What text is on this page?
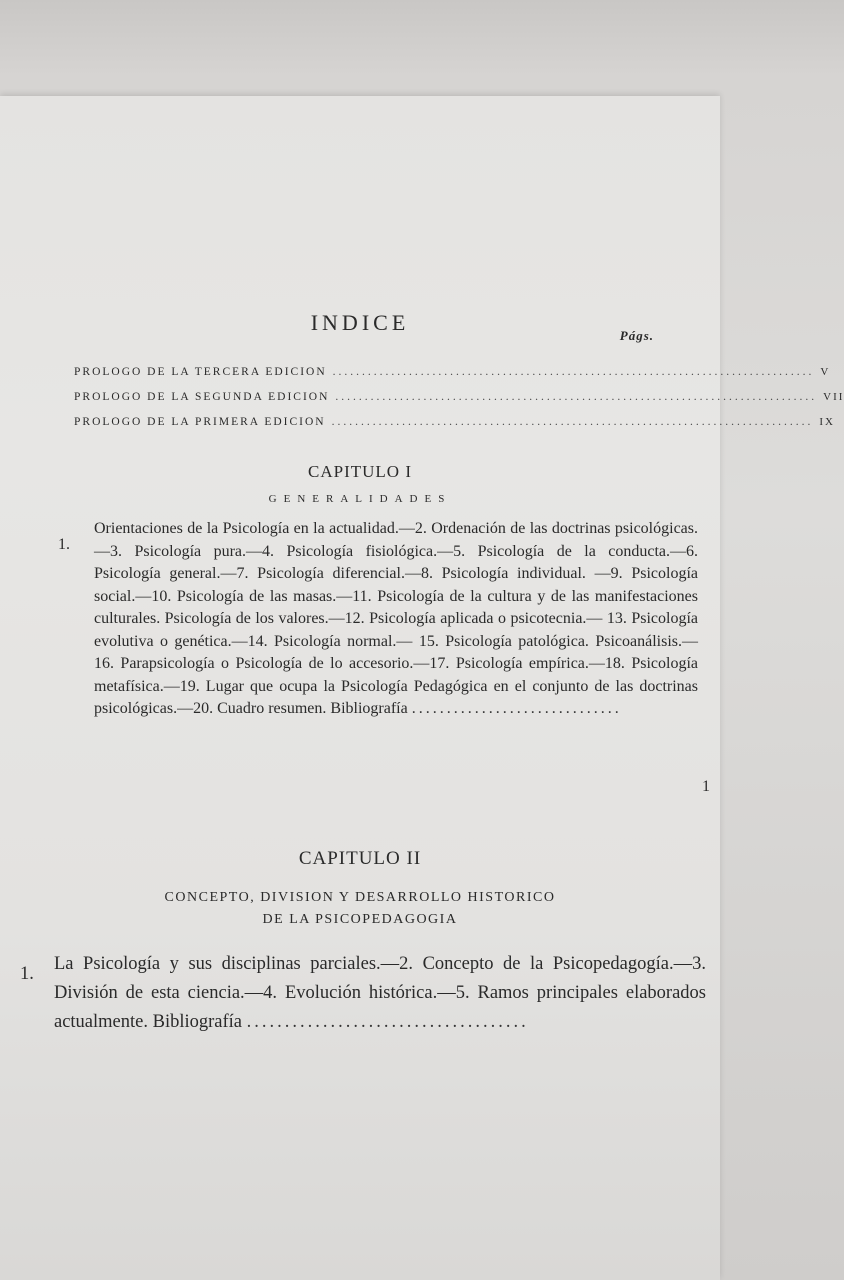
INDICE
Págs.
PROLOGO DE LA TERCERA EDICION .................................................................................. V
PROLOGO DE LA SEGUNDA EDICION .................................................................................. VII
PROLOGO DE LA PRIMERA EDICION .................................................................................. IX
CAPITULO I
GENERALIDADES
1.
Orientaciones de la Psicología en la actualidad.—2. Ordenación de las doctrinas psicológicas.—3. Psicología pura.—4. Psicología fisiológica.—5. Psicología de la conducta.—6. Psicología general.—7. Psicología diferencial.—8. Psicología individual. —9. Psicología social.—10. Psicología de las masas.—11. Psicología de la cultura y de las manifestaciones culturales. Psicología de los valores.—12. Psicología aplicada o psicotecnia.— 13. Psicología evolutiva o genética.—14. Psicología normal.— 15. Psicología patológica. Psicoanálisis.—16. Parapsicología o Psicología de lo accesorio.—17. Psicología empírica.—18. Psicología metafísica.—19. Lugar que ocupa la Psicología Pedagógica en el conjunto de las doctrinas psicológicas.—20. Cuadro resumen. Bibliografía ..............................
1
CAPITULO II
CONCEPTO, DIVISION Y DESARROLLO HISTORICO
DE LA PSICOPEDAGOGIA
1. La Psicología y sus disciplinas parciales.—2. Concepto de la Psicopedagogía.—3. División de esta ciencia.—4. Evolución histórica.—5. Ramos principales elaborados actualmente. Bibliografía .....................................
